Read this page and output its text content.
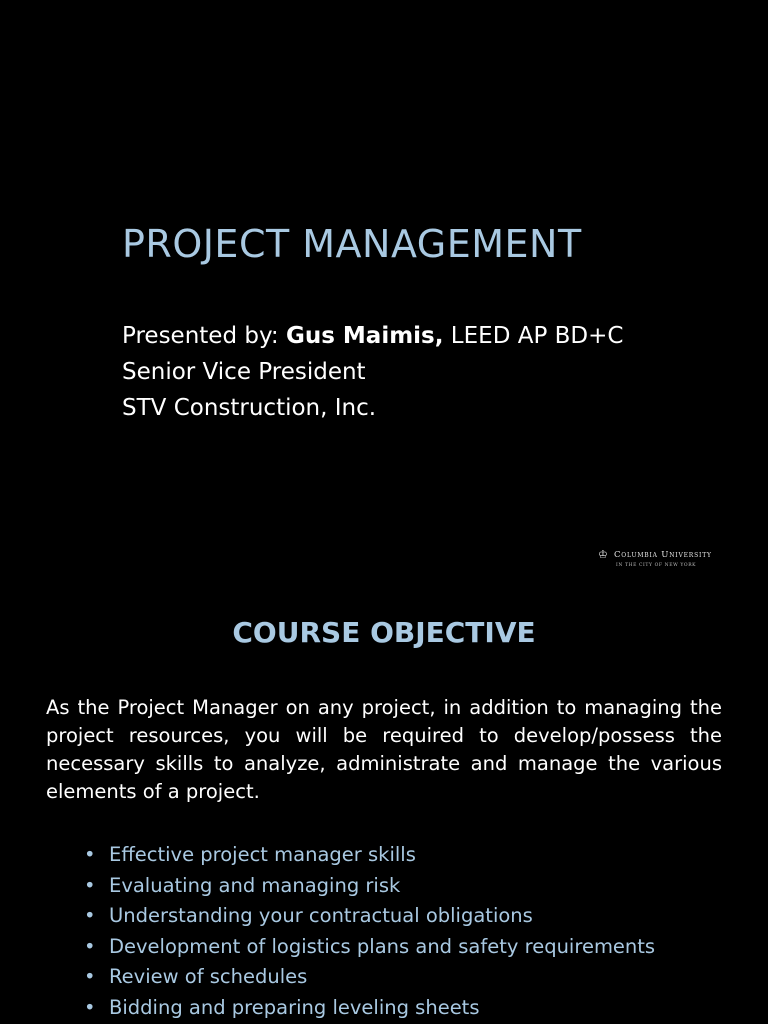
PROJECT MANAGEMENT
Presented by: Gus Maimis, LEED AP BD+C
Senior Vice President
STV Construction, Inc.
♔ Columbia University
IN THE CITY OF NEW YORK
COURSE OBJECTIVE

As the Project Manager on any project, in addition to managing the project resources, you will be required to develop/possess the necessary skills to analyze, administrate and manage the various elements of a project.

• Effective project manager skills
• Evaluating and managing risk
• Understanding your contractual obligations
• Development of logistics plans and safety requirements
• Review of schedules
• Bidding and preparing leveling sheets
